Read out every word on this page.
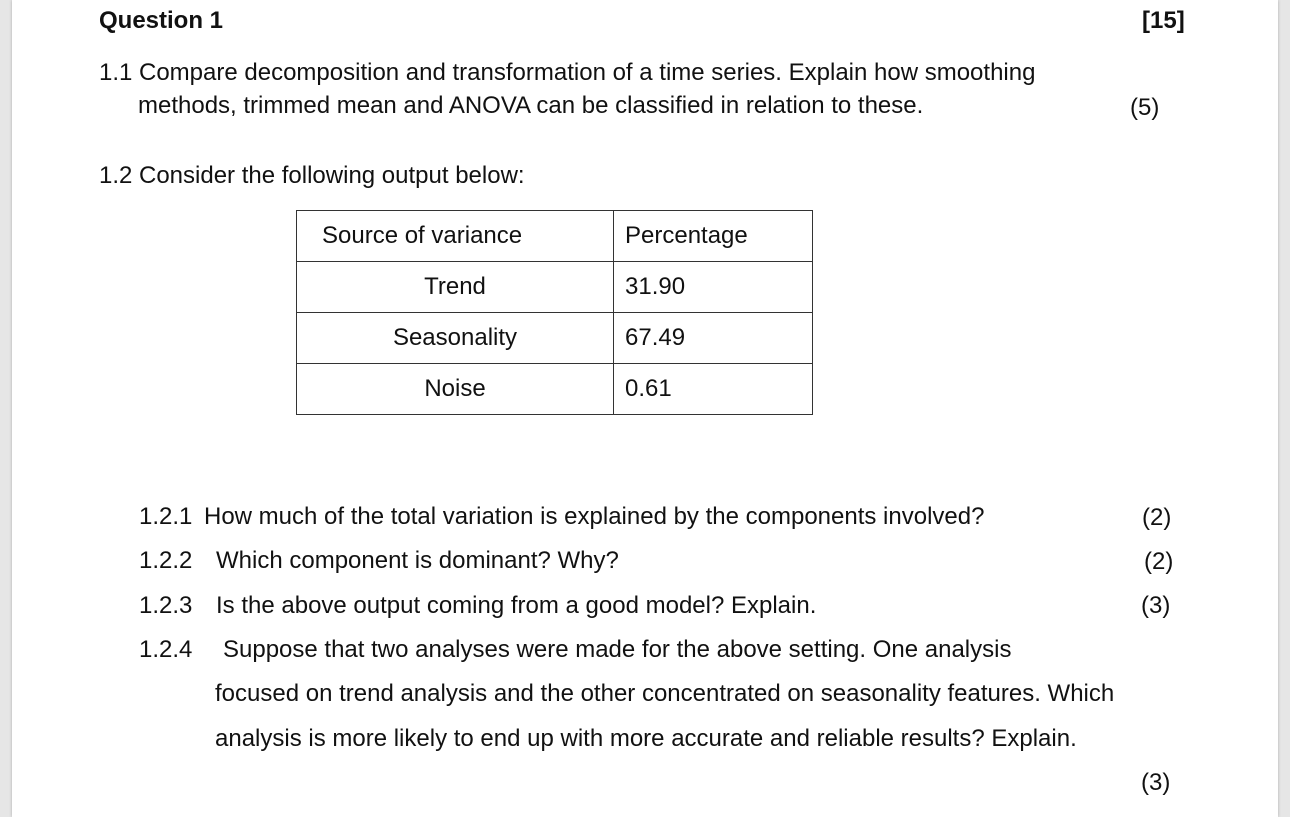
Question 1	[15]
1.1 Compare decomposition and transformation of a time series. Explain how smoothing
methods, trimmed mean and ANOVA can be classified in relation to these.	(5)
1.2 Consider the following output below:
Source of variance	Percentage
Trend	31.90
Seasonality	67.49
Noise	0.61
1.2.1 How much of the total variation is explained by the components involved?	(2)
1.2.2 Which component is dominant? Why?	(2)
1.2.3 Is the above output coming from a good model? Explain.	(3)
1.2.4 Suppose that two analyses were made for the above setting. One analysis
focused on trend analysis and the other concentrated on seasonality features. Which
analysis is more likely to end up with more accurate and reliable results? Explain.
(3)
